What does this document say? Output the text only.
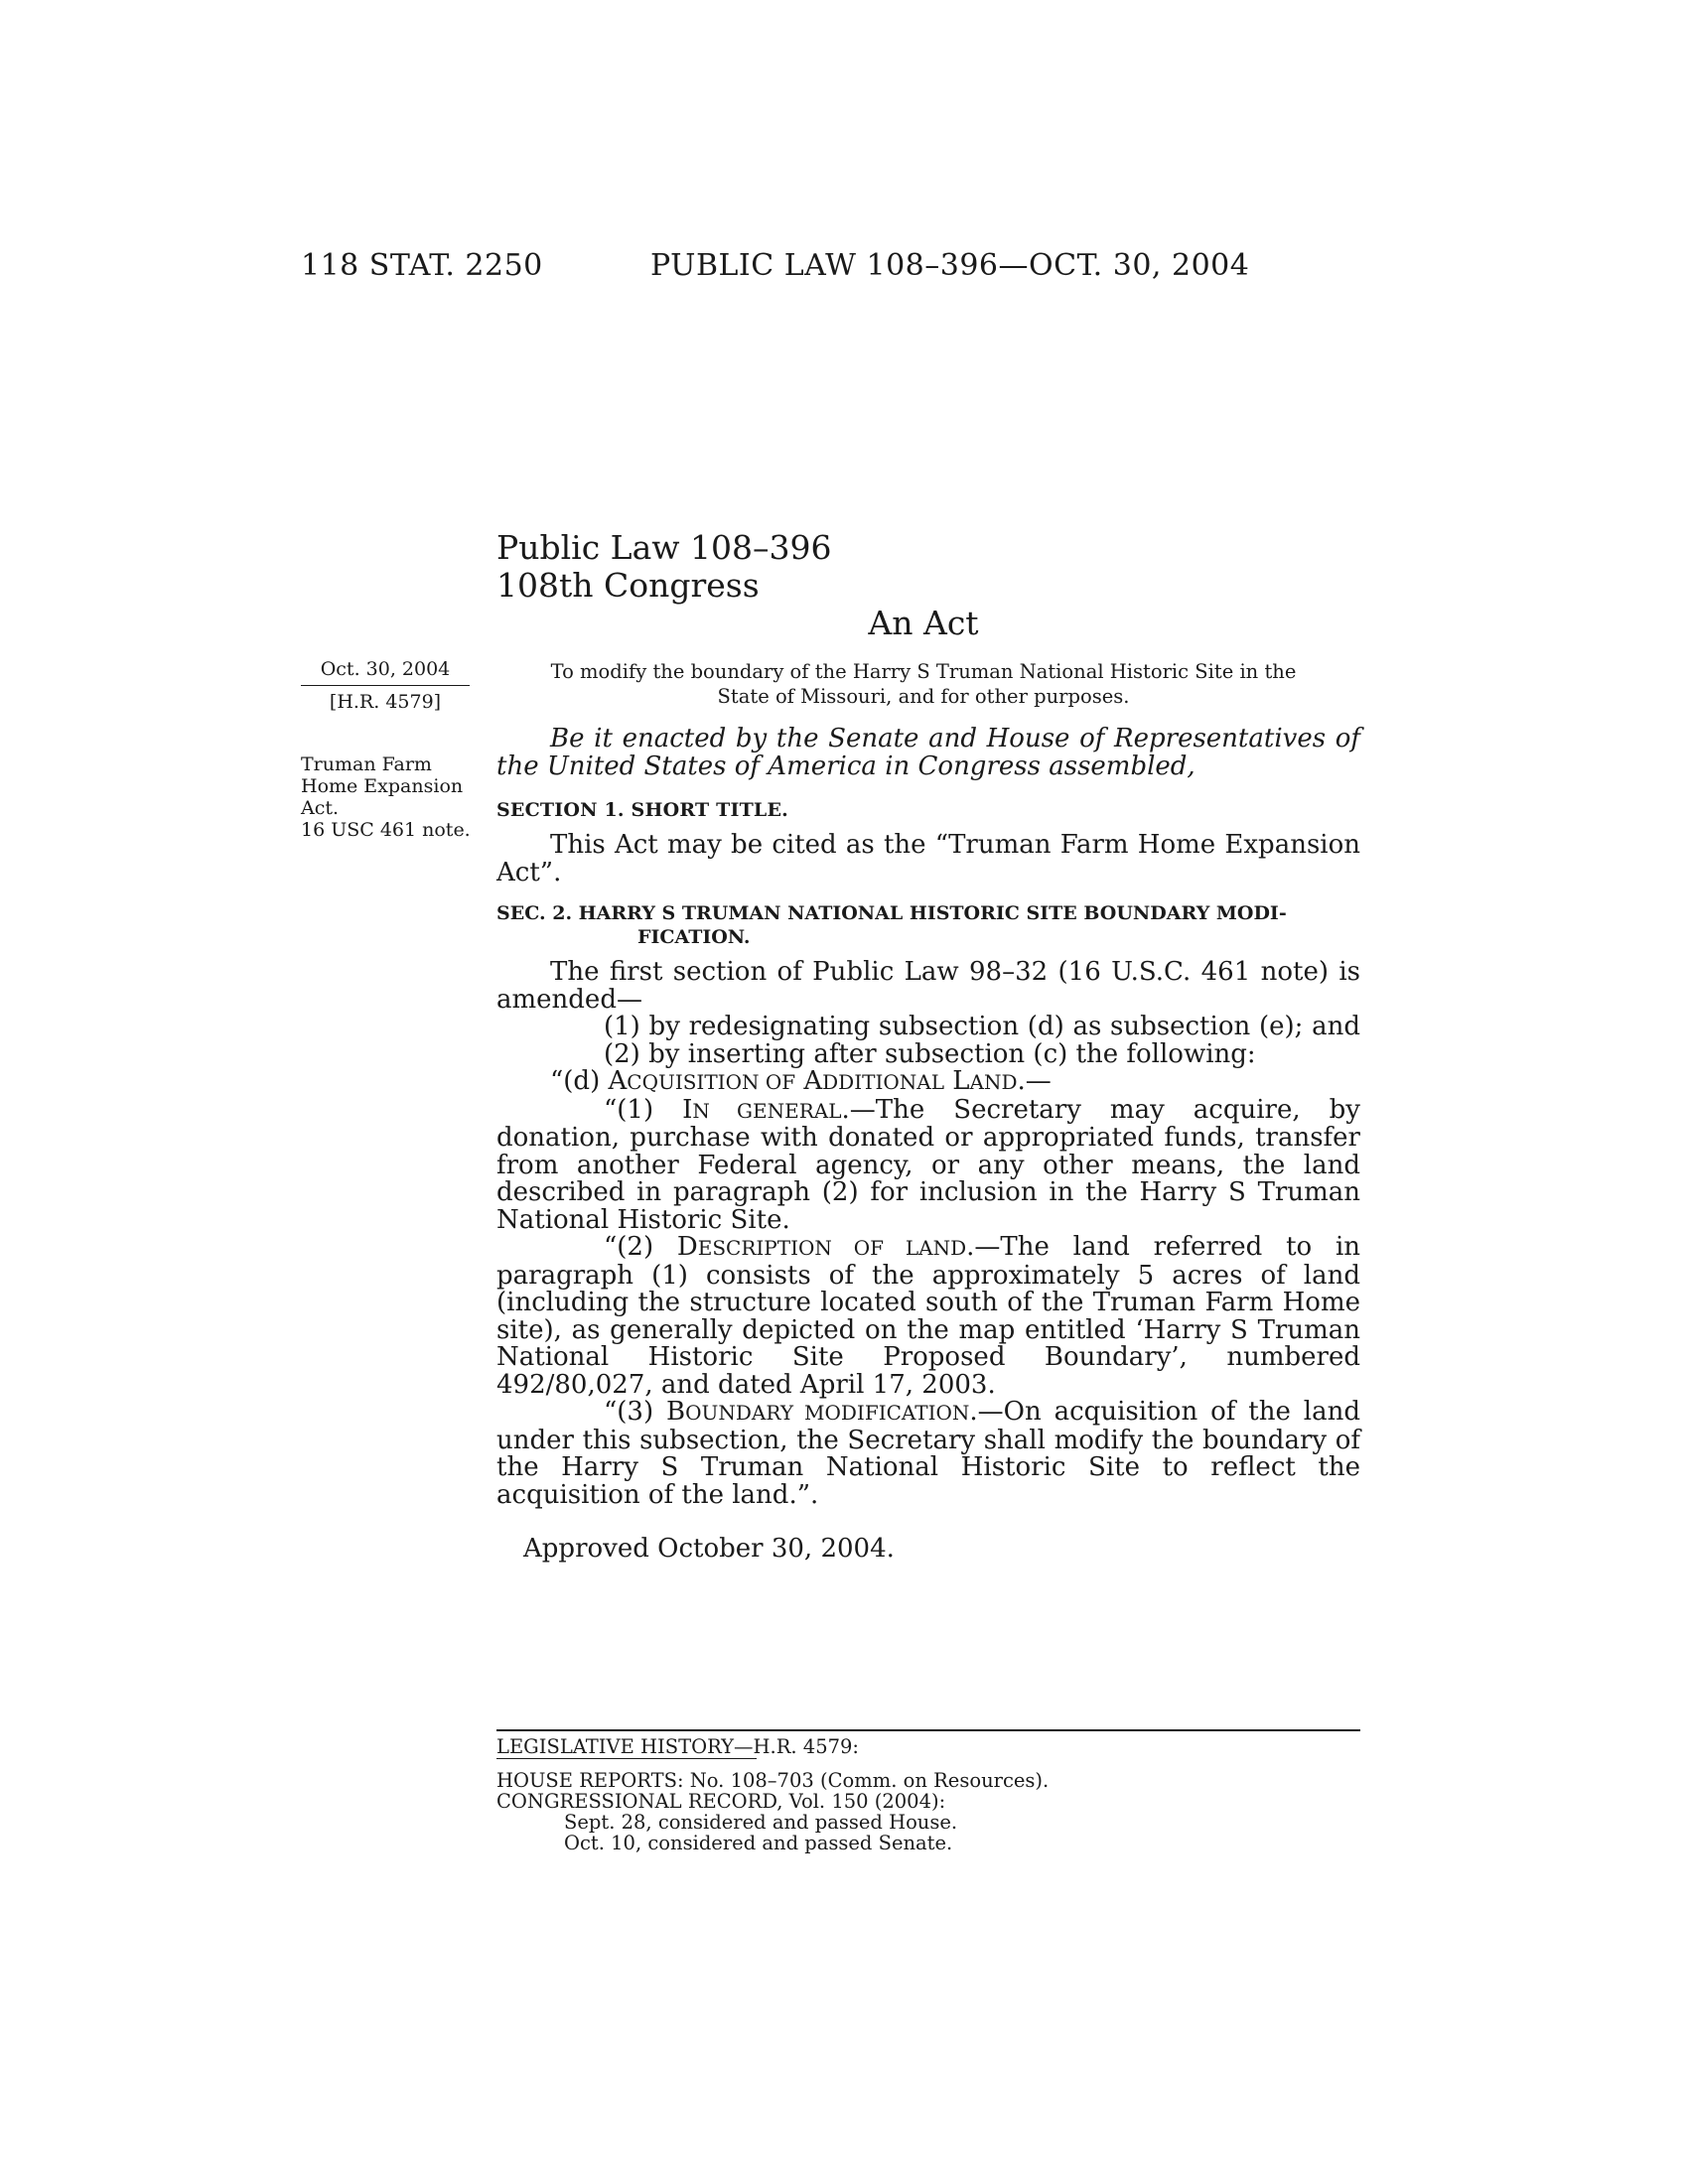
118 STAT. 2250	PUBLIC LAW 108–396—OCT. 30, 2004
Public Law 108–396
108th Congress
An Act
To modify the boundary of the Harry S Truman National Historic Site in the State of Missouri, and for other purposes.
Oct. 30, 2004
[H.R. 4579]
Truman Farm
Home Expansion
Act.
16 USC 461 note.
Be it enacted by the Senate and House of Representatives of the United States of America in Congress assembled,
SECTION 1. SHORT TITLE.
This Act may be cited as the “Truman Farm Home Expansion Act”.
SEC. 2. HARRY S TRUMAN NATIONAL HISTORIC SITE BOUNDARY MODI-
FICATION.
The first section of Public Law 98–32 (16 U.S.C. 461 note) is amended—
(1) by redesignating subsection (d) as subsection (e); and
(2) by inserting after subsection (c) the following:
“(d) ACQUISITION OF ADDITIONAL LAND.—
“(1) IN GENERAL.—The Secretary may acquire, by donation, purchase with donated or appropriated funds, transfer from another Federal agency, or any other means, the land described in paragraph (2) for inclusion in the Harry S Truman National Historic Site.
“(2) DESCRIPTION OF LAND.—The land referred to in paragraph (1) consists of the approximately 5 acres of land (including the structure located south of the Truman Farm Home site), as generally depicted on the map entitled ‘Harry S Truman National Historic Site Proposed Boundary’, numbered 492/80,027, and dated April 17, 2003.
“(3) BOUNDARY MODIFICATION.—On acquisition of the land under this subsection, the Secretary shall modify the boundary of the Harry S Truman National Historic Site to reflect the acquisition of the land.”.
Approved October 30, 2004.
LEGISLATIVE HISTORY—H.R. 4579:
HOUSE REPORTS: No. 108–703 (Comm. on Resources).
CONGRESSIONAL RECORD, Vol. 150 (2004):
Sept. 28, considered and passed House.
Oct. 10, considered and passed Senate.
